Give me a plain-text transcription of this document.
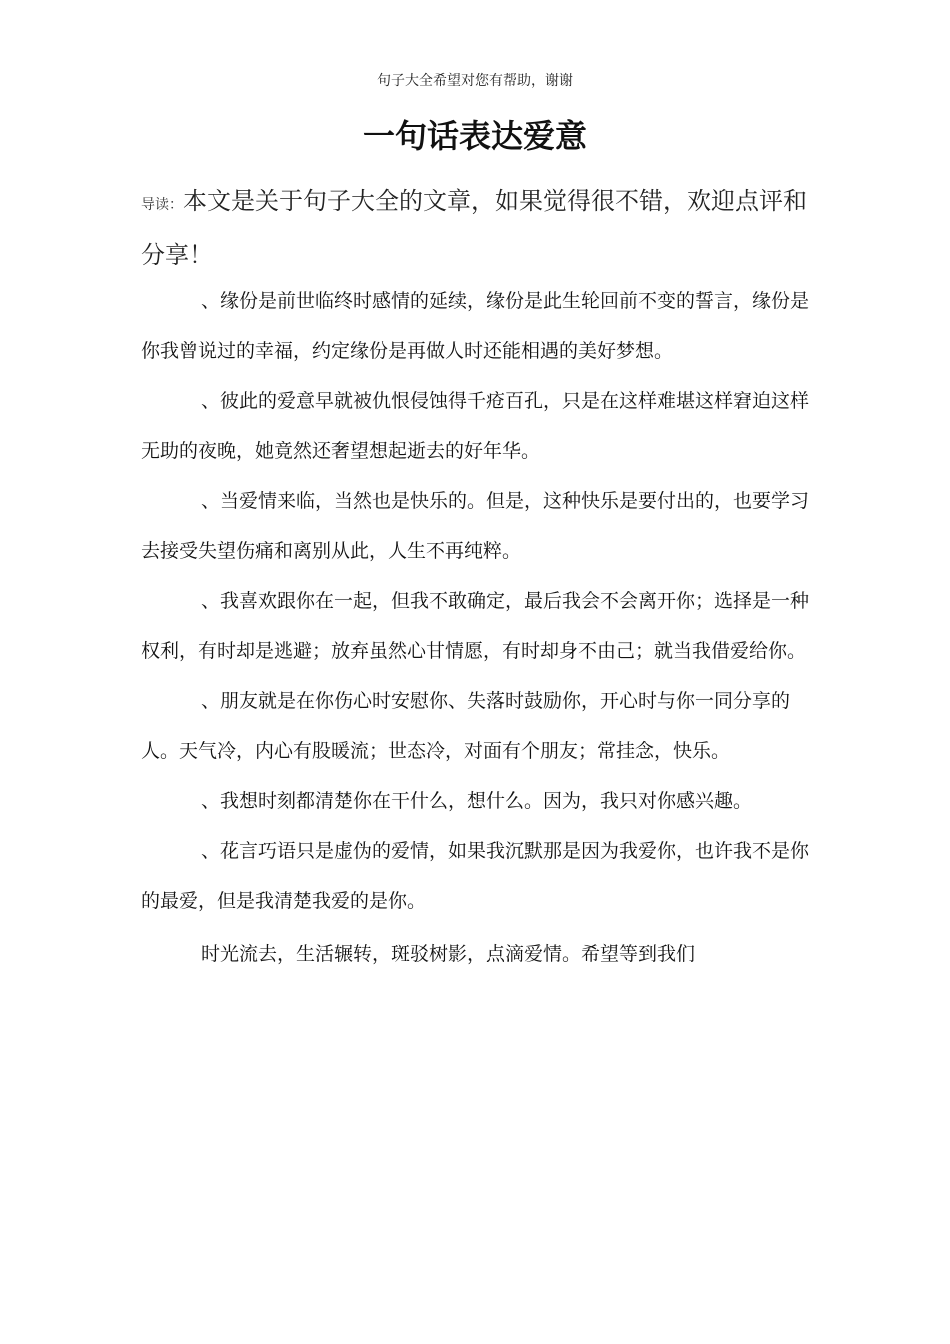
句子大全希望对您有帮助，谢谢
一句话表达爱意
导读：本文是关于句子大全的文章，如果觉得很不错，欢迎点评和分享！

、缘份是前世临终时感情的延续，缘份是此生轮回前不变的誓言，缘份是你我曾说过的幸福，约定缘份是再做人时还能相遇的美好梦想。

、彼此的爱意早就被仇恨侵蚀得千疮百孔，只是在这样难堪这样窘迫这样无助的夜晚，她竟然还奢望想起逝去的好年华。

、当爱情来临，当然也是快乐的。但是，这种快乐是要付出的，也要学习去接受失望伤痛和离别从此，人生不再纯粹。

、我喜欢跟你在一起，但我不敢确定，最后我会不会离开你；选择是一种权利，有时却是逃避；放弃虽然心甘情愿，有时却身不由己；就当我借爱给你。

、朋友就是在你伤心时安慰你、失落时鼓励你，开心时与你一同分享的人。天气冷，内心有股暖流；世态冷，对面有个朋友；常挂念，快乐。

、我想时刻都清楚你在干什么，想什么。因为，我只对你感兴趣。

、花言巧语只是虚伪的爱情，如果我沉默那是因为我爱你，也许我不是你的最爱，但是我清楚我爱的是你。

时光流去，生活辗转，斑驳树影，点滴爱情。希望等到我们
